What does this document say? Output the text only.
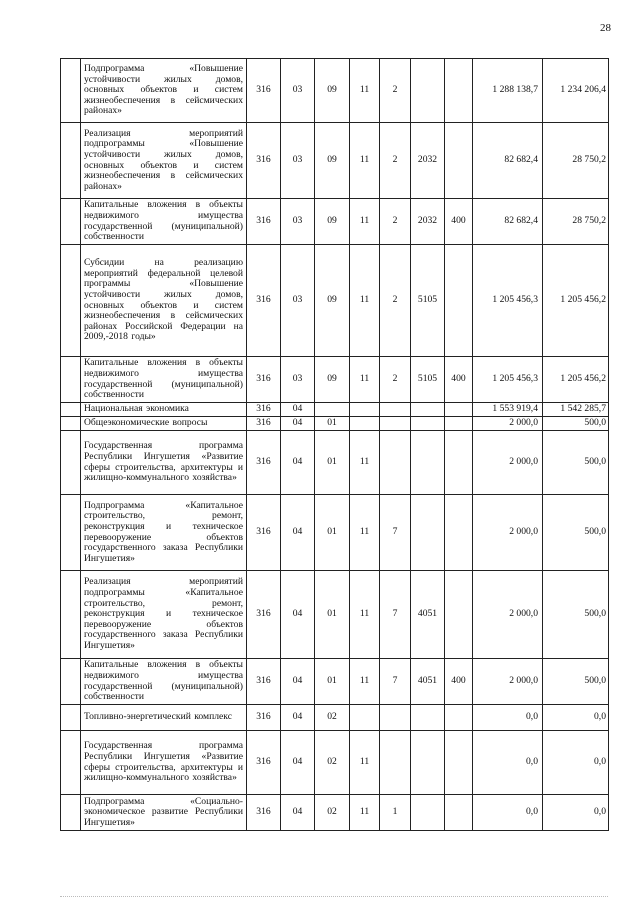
28
	Подпрограмма «Повышение устойчивости жилых домов, основных объектов и систем жизнеобеспечения в сейсмических районах»	316	03	09	11	2			1 288 138,7	1 234 206,4
	Реализация мероприятий подпрограммы «Повышение устойчивости жилых домов, основных объектов и систем жизнеобеспечения в сейсмических районах»	316	03	09	11	2	2032		82 682,4	28 750,2
	Капитальные вложения в объекты недвижимого имущества государственной (муниципальной) собственности	316	03	09	11	2	2032	400	82 682,4	28 750,2
	Субсидии на реализацию мероприятий федеральной целевой программы «Повышение устойчивости жилых домов, основных объектов и систем жизнеобеспечения в сейсмических районах Российской Федерации на 2009,-2018 годы»	316	03	09	11	2	5105		1 205 456,3	1 205 456,2
	Капитальные вложения в объекты недвижимого имущества государственной (муниципальной) собственности	316	03	09	11	2	5105	400	1 205 456,3	1 205 456,2
	Национальная экономика	316	04						1 553 919,4	1 542 285,7
	Общеэкономические вопросы	316	04	01					2 000,0	500,0
	Государственная программа Республики Ингушетия «Развитие сферы строительства, архитектуры и жилищно-коммунального хозяйства»	316	04	01	11				2 000,0	500,0
	Подпрограмма «Капитальное строительство, ремонт, реконструкция и техническое перевооружение объектов государственного заказа Республики Ингушетия»	316	04	01	11	7			2 000,0	500,0
	Реализация мероприятий подпрограммы «Капитальное строительство, ремонт, реконструкция и техническое перевооружение объектов государственного заказа Республики Ингушетия»	316	04	01	11	7	4051		2 000,0	500,0
	Капитальные вложения в объекты недвижимого имущества государственной (муниципальной) собственности	316	04	01	11	7	4051	400	2 000,0	500,0
	Топливно-энергетический комплекс	316	04	02					0,0	0,0
	Государственная программа Республики Ингушетия «Развитие сферы строительства, архитектуры и жилищно-коммунального хозяйства»	316	04	02	11				0,0	0,0
	Подпрограмма «Социально-экономическое развитие Республики Ингушетия»	316	04	02	11	1			0,0	0,0
